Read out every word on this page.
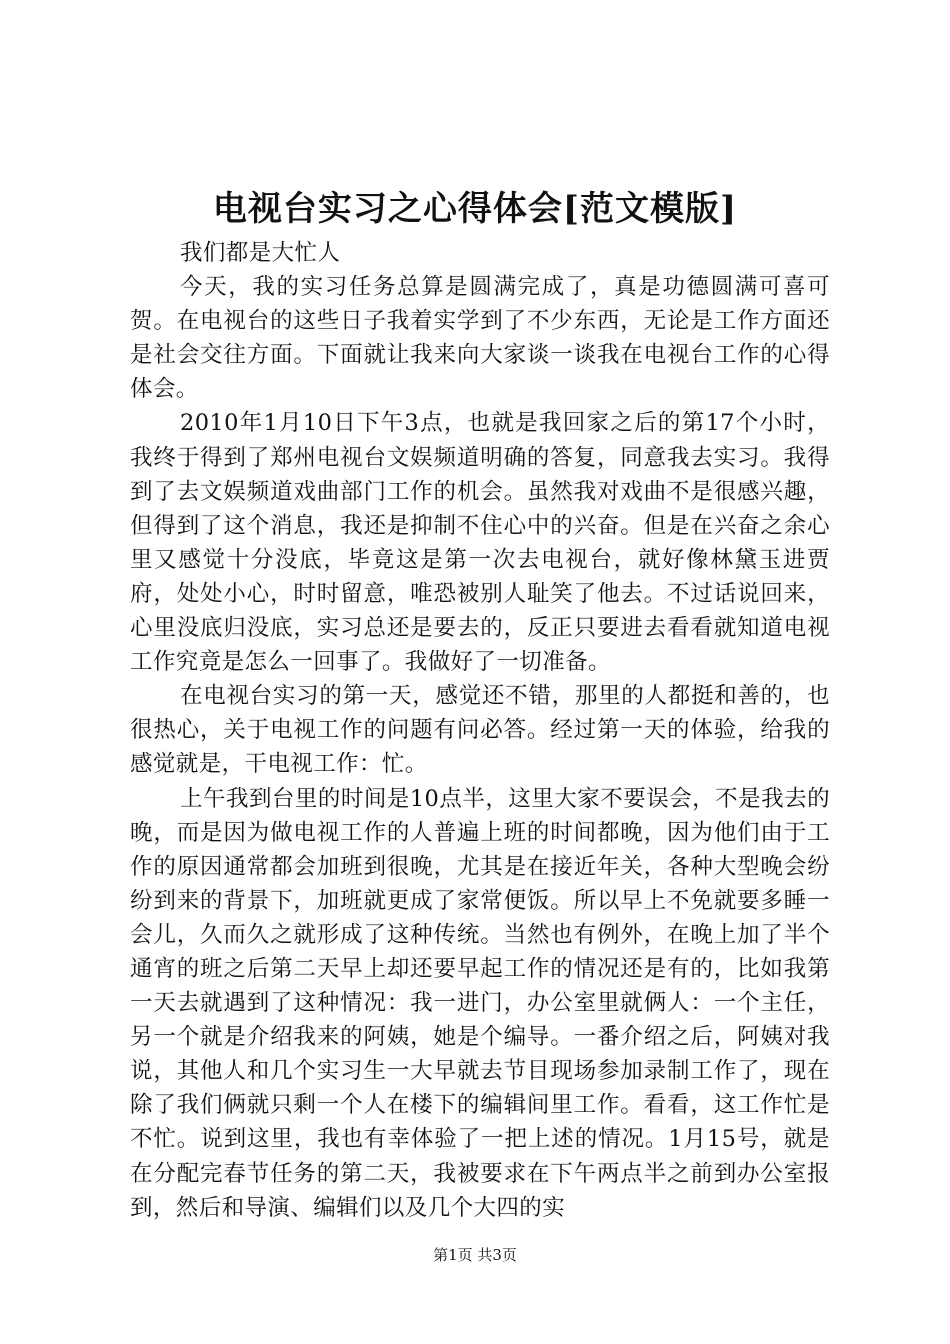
电视台实习之心得体会[范文模版]

我们都是大忙人

今天，我的实习任务总算是圆满完成了，真是功德圆满可喜可贺。在电视台的这些日子我着实学到了不少东西，无论是工作方面还是社会交往方面。下面就让我来向大家谈一谈我在电视台工作的心得体会。

2010年1月10日下午3点，也就是我回家之后的第17个小时，我终于得到了郑州电视台文娱频道明确的答复，同意我去实习。我得到了去文娱频道戏曲部门工作的机会。虽然我对戏曲不是很感兴趣，但得到了这个消息，我还是抑制不住心中的兴奋。但是在兴奋之余心里又感觉十分没底，毕竟这是第一次去电视台，就好像林黛玉进贾府，处处小心，时时留意，唯恐被别人耻笑了他去。不过话说回来，心里没底归没底，实习总还是要去的，反正只要进去看看就知道电视工作究竟是怎么一回事了。我做好了一切准备。

在电视台实习的第一天，感觉还不错，那里的人都挺和善的，也很热心，关于电视工作的问题有问必答。经过第一天的体验，给我的感觉就是，干电视工作：忙。

上午我到台里的时间是10点半，这里大家不要误会，不是我去的晚，而是因为做电视工作的人普遍上班的时间都晚，因为他们由于工作的原因通常都会加班到很晚，尤其是在接近年关，各种大型晚会纷纷到来的背景下，加班就更成了家常便饭。所以早上不免就要多睡一会儿，久而久之就形成了这种传统。当然也有例外，在晚上加了半个通宵的班之后第二天早上却还要早起工作的情况还是有的，比如我第一天去就遇到了这种情况：我一进门，办公室里就俩人：一个主任，另一个就是介绍我来的阿姨，她是个编导。一番介绍之后，阿姨对我说，其他人和几个实习生一大早就去节目现场参加录制工作了，现在除了我们俩就只剩一个人在楼下的编辑间里工作。看看，这工作忙是不忙。说到这里，我也有幸体验了一把上述的情况。1月15号，就是在分配完春节任务的第二天，我被要求在下午两点半之前到办公室报到，然后和导演、编辑们以及几个大四的实

第1页 共3页
